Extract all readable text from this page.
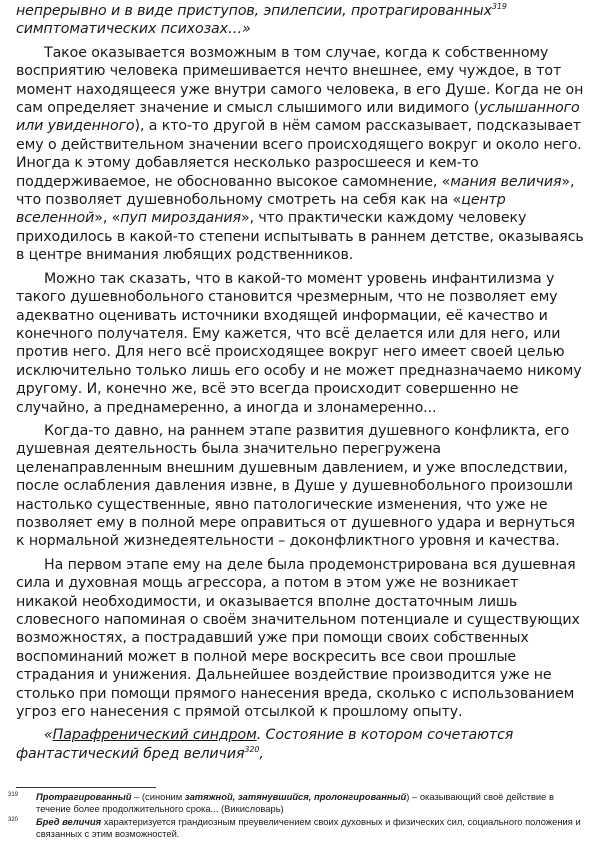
непрерывно и в виде приступов, эпилепсии, протрагированных$^{319}$ симптоматических психозах…»

Такое оказывается возможным в том случае, когда к собственному восприятию человека примешивается нечто внешнее, ему чуждое, в тот момент находящееся уже внутри самого человека, в его Душе. Когда не он сам определяет значение и смысл слышимого или видимого (услышанного или увиденного), а кто-то другой в нём самом рассказывает, подсказывает ему о действительном значении всего происходящего вокруг и около него. Иногда к этому добавляется несколько разросшееся и кем-то поддерживаемое, не обоснованно высокое самомнение, «мания величия», что позволяет душевнобольному смотреть на себя как на «центр вселенной», «пуп мироздания», что практически каждому человеку приходилось в какой-то степени испытывать в раннем детстве, оказываясь в центре внимания любящих родственников.

Можно так сказать, что в какой-то момент уровень инфантилизма у такого душевнобольного становится чрезмерным, что не позволяет ему адекватно оценивать источники входящей информации, её качество и конечного получателя. Ему кажется, что всё делается или для него, или против него. Для него всё происходящее вокруг него имеет своей целью исключительно только лишь его особу и не может предназначаемо никому другому. И, конечно же, всё это всегда происходит совершенно не случайно, а преднамеренно, а иногда и злонамеренно...

Когда-то давно, на раннем этапе развития душевного конфликта, его душевная деятельность была значительно перегружена целенаправленным внешним душевным давлением, и уже впоследствии, после ослабления давления извне, в Душе у душевнобольного произошли настолько существенные, явно патологические изменения, что уже не позволяет ему в полной мере оправиться от душевного удара и вернуться к нормальной жизнедеятельности – доконфликтного уровня и качества.

На первом этапе ему на деле была продемонстрирована вся душевная сила и духовная мощь агрессора, а потом в этом уже не возникает никакой необходимости, и оказывается вполне достаточным лишь словесного напоминая о своём значительном потенциале и существующих возможностях, а пострадавший уже при помощи своих собственных воспоминаний может в полной мере воскресить все свои прошлые страдания и унижения. Дальнейшее воздействие производится уже не столько при помощи прямого нанесения вреда, сколько с использованием угроз его нанесения с прямой отсылкой к прошлому опыту.

«Парафренический синдром. Состояние в котором сочетаются фантастический бред величия$^{320}$,

319	Протрагированный – (синоним затяжной, затянувшийся, пролонгированный) – оказывающий своё действие в течение более продолжительного срока... (Викисловарь)
320	Бред величия характеризуется грандиозным преувеличением своих духовных и физических сил, социального положения и связанных с этим возможностей.
